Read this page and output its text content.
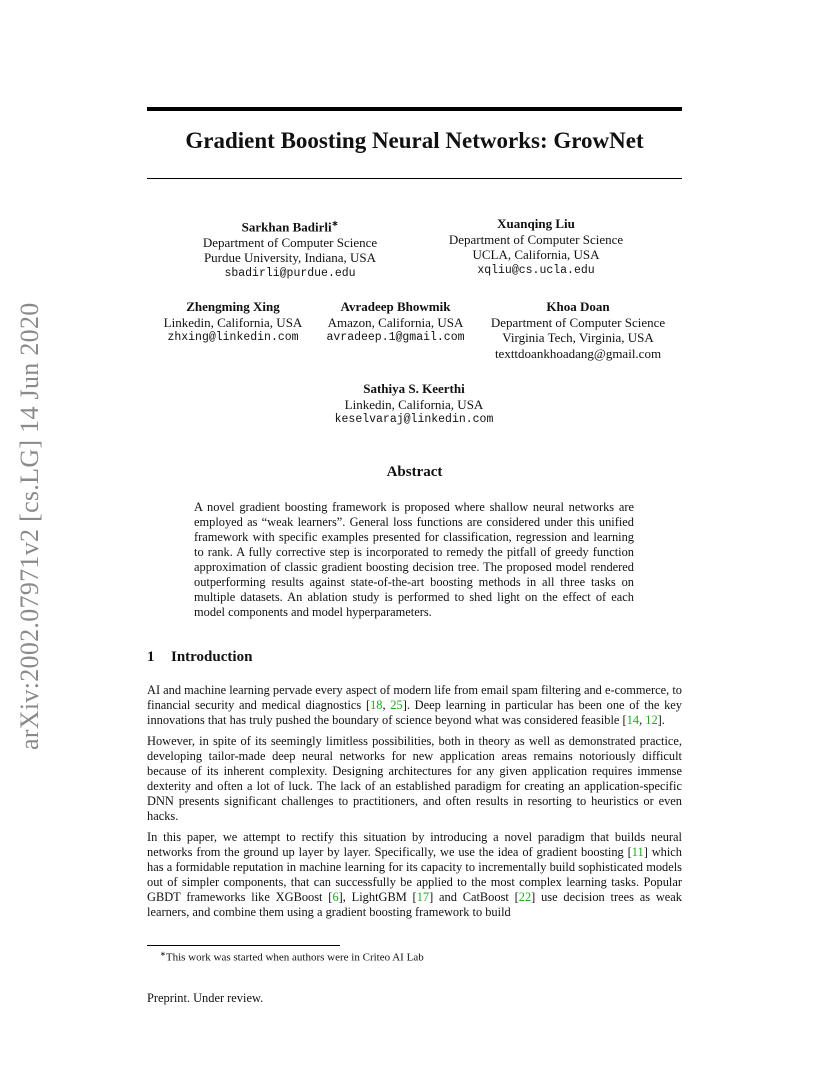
arXiv:2002.07971v2 [cs.LG] 14 Jun 2020
Gradient Boosting Neural Networks: GrowNet
Sarkhan Badirli∗
Department of Computer Science
Purdue University, Indiana, USA
sbadirli@purdue.edu
Xuanqing Liu
Department of Computer Science
UCLA, California, USA
xqliu@cs.ucla.edu
Zhengming Xing
Linkedin, California, USA
zhxing@linkedin.com
Avradeep Bhowmik
Amazon, California, USA
avradeep.1@gmail.com
Khoa Doan
Department of Computer Science
Virginia Tech, Virginia, USA
texttdoankhoadang@gmail.com
Sathiya S. Keerthi
Linkedin, California, USA
keselvaraj@linkedin.com
Abstract

A novel gradient boosting framework is proposed where shallow neural networks are employed as “weak learners”. General loss functions are considered under this unified framework with specific examples presented for classification, regression and learning to rank. A fully corrective step is incorporated to remedy the pitfall of greedy function approximation of classic gradient boosting decision tree. The proposed model rendered outperforming results against state-of-the-art boosting methods in all three tasks on multiple datasets. An ablation study is performed to shed light on the effect of each model components and model hyperparameters.

1 Introduction

AI and machine learning pervade every aspect of modern life from email spam filtering and e-commerce, to financial security and medical diagnostics [18, 25]. Deep learning in particular has been one of the key innovations that has truly pushed the boundary of science beyond what was considered feasible [14, 12].

However, in spite of its seemingly limitless possibilities, both in theory as well as demonstrated practice, developing tailor-made deep neural networks for new application areas remains notoriously difficult because of its inherent complexity. Designing architectures for any given application requires immense dexterity and often a lot of luck. The lack of an established paradigm for creating an application-specific DNN presents significant challenges to practitioners, and often results in resorting to heuristics or even hacks.

In this paper, we attempt to rectify this situation by introducing a novel paradigm that builds neural networks from the ground up layer by layer. Specifically, we use the idea of gradient boosting [11] which has a formidable reputation in machine learning for its capacity to incrementally build sophisticated models out of simpler components, that can successfully be applied to the most complex learning tasks. Popular GBDT frameworks like XGBoost [6], LightGBM [17] and CatBoost [22] use decision trees as weak learners, and combine them using a gradient boosting framework to build

∗This work was started when authors were in Criteo AI Lab
Preprint. Under review.
